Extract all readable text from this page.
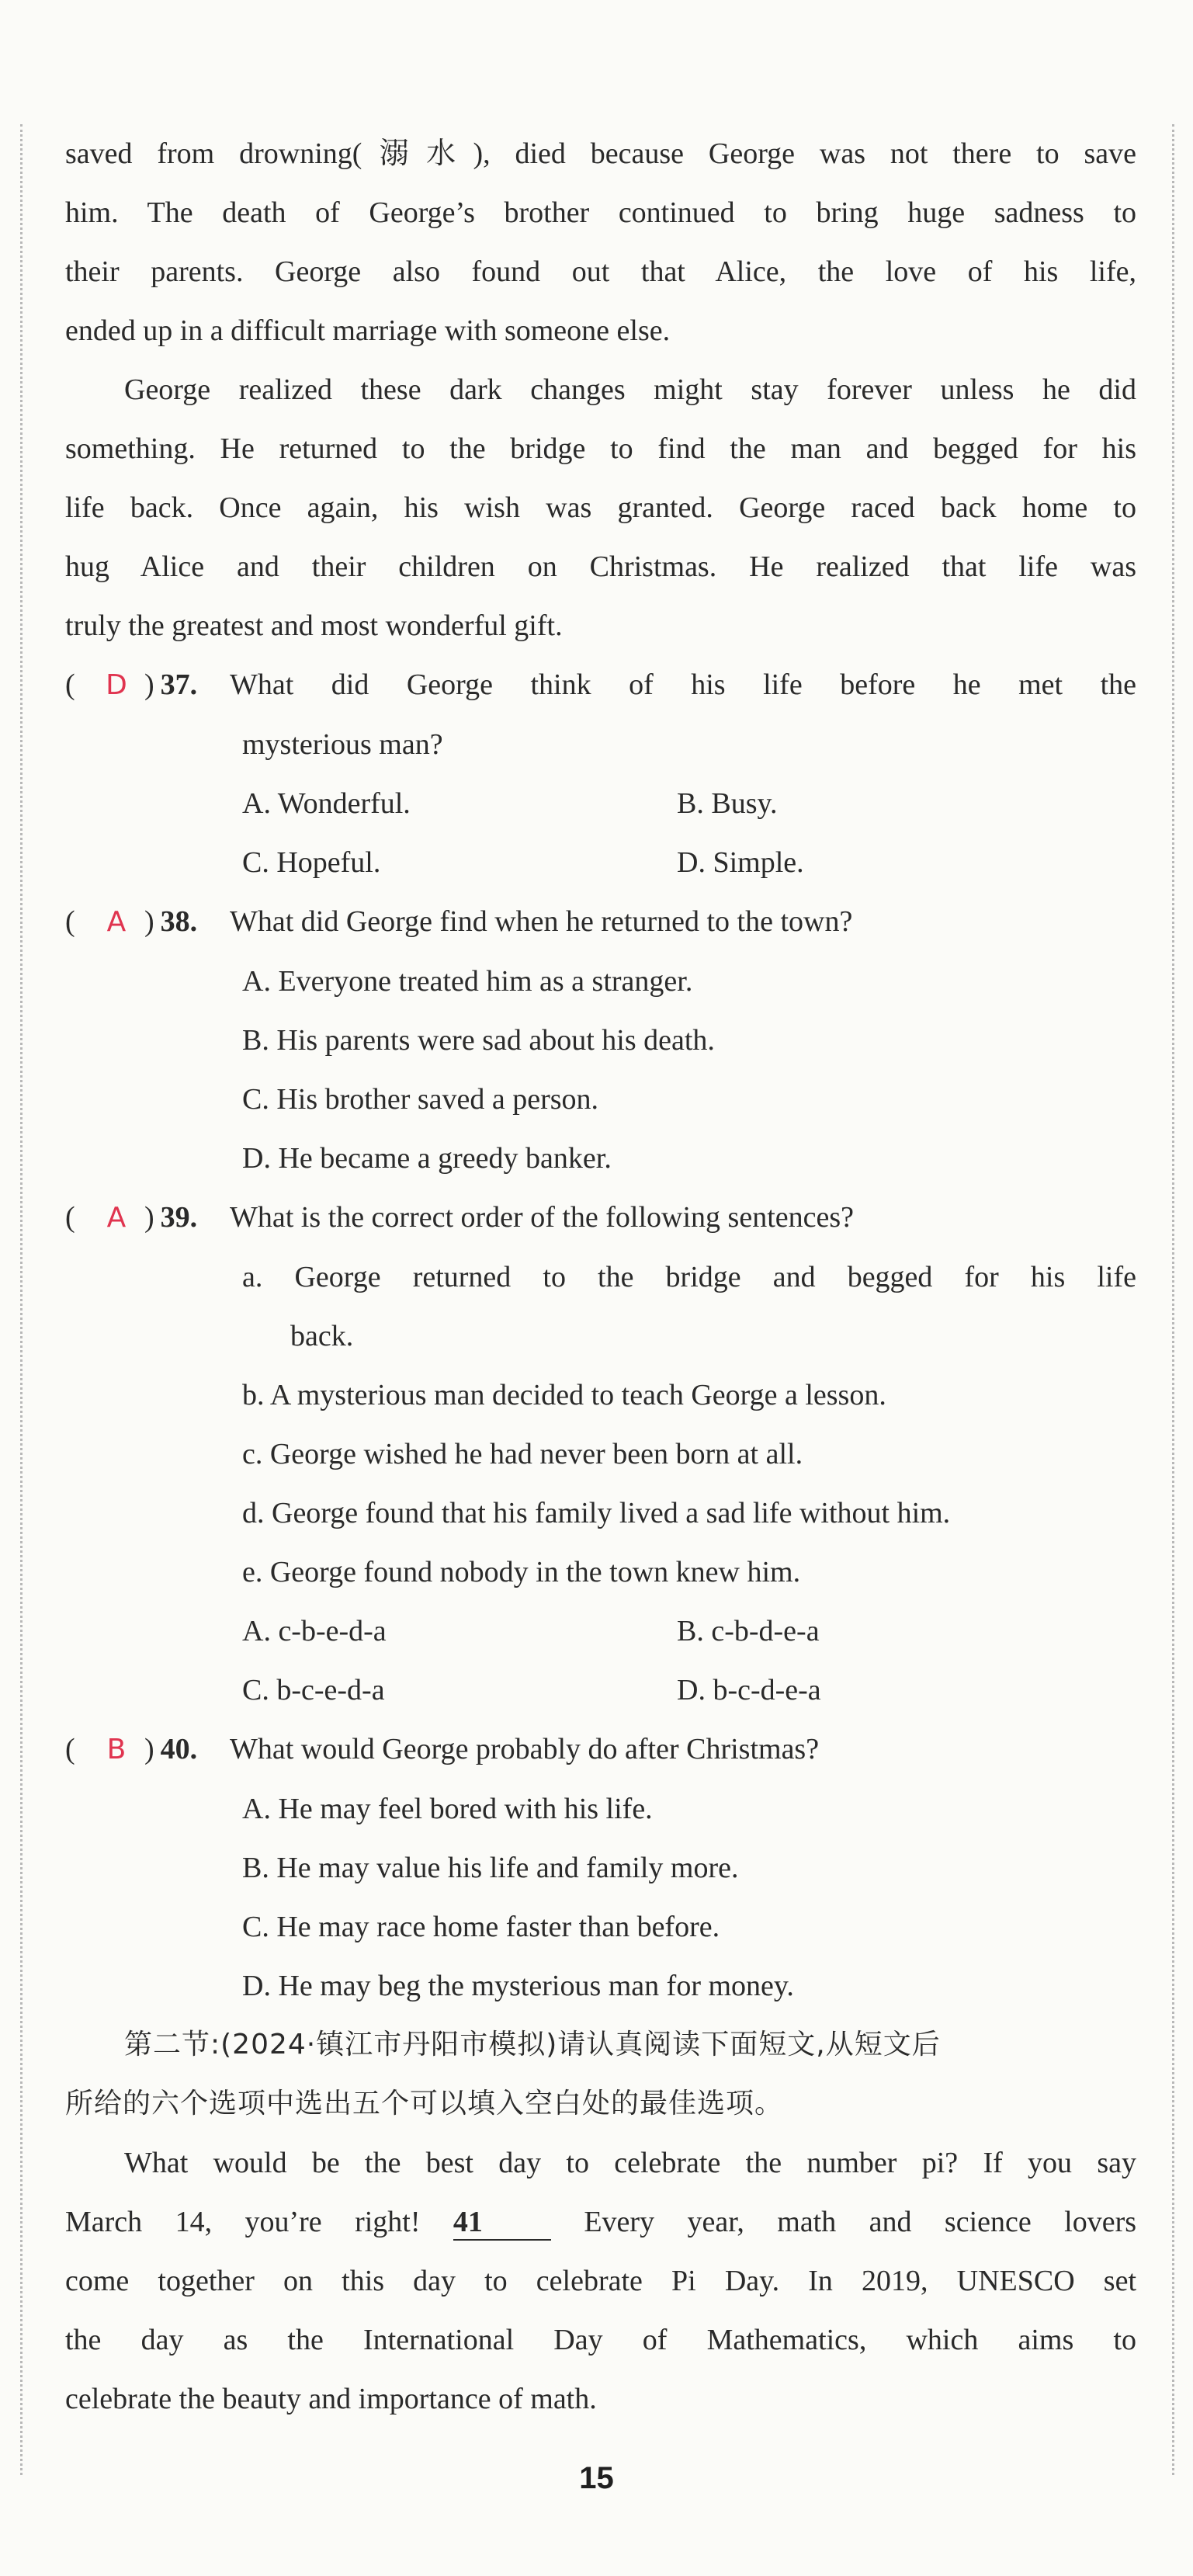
saved from drowning(溺水), died because George was not there to save
him. The death of George’s brother continued to bring huge sadness to
their parents. George also found out that Alice, the love of his life,
ended up in a difficult marriage with someone else.
George realized these dark changes might stay forever unless he did
something. He returned to the bridge to find the man and begged for his
life back. Once again, his wish was granted. George raced back home to
hug Alice and their children on Christmas. He realized that life was
truly the greatest and most wonderful gift.
(	D ) 37. What did George think of his life before he met the
mysterious man?
A. Wonderful.	B. Busy.
C. Hopeful.	D. Simple.
(	A ) 38. What did George find when he returned to the town?
A. Everyone treated him as a stranger.
B. His parents were sad about his death.
C. His brother saved a person.
D. He became a greedy banker.
(	A ) 39. What is the correct order of the following sentences?
a. George returned to the bridge and begged for his life
back.
b. A mysterious man decided to teach George a lesson.
c. George wished he had never been born at all.
d. George found that his family lived a sad life without him.
e. George found nobody in the town knew him.
A. c-b-e-d-a	B. c-b-d-e-a
C. b-c-e-d-a	D. b-c-d-e-a
(	B ) 40. What would George probably do after Christmas?
A. He may feel bored with his life.
B. He may value his life and family more.
C. He may race home faster than before.
D. He may beg the mysterious man for money.
第二节:(2024·镇江市丹阳市模拟)请认真阅读下面短文,从短文后
所给的六个选项中选出五个可以填入空白处的最佳选项。
What would be the best day to celebrate the number pi? If you say
March 14, you’re right! 41	Every year, math and science lovers
come together on this day to celebrate Pi Day. In 2019, UNESCO set
the day as the International Day of Mathematics, which aims to
celebrate the beauty and importance of math.
15
